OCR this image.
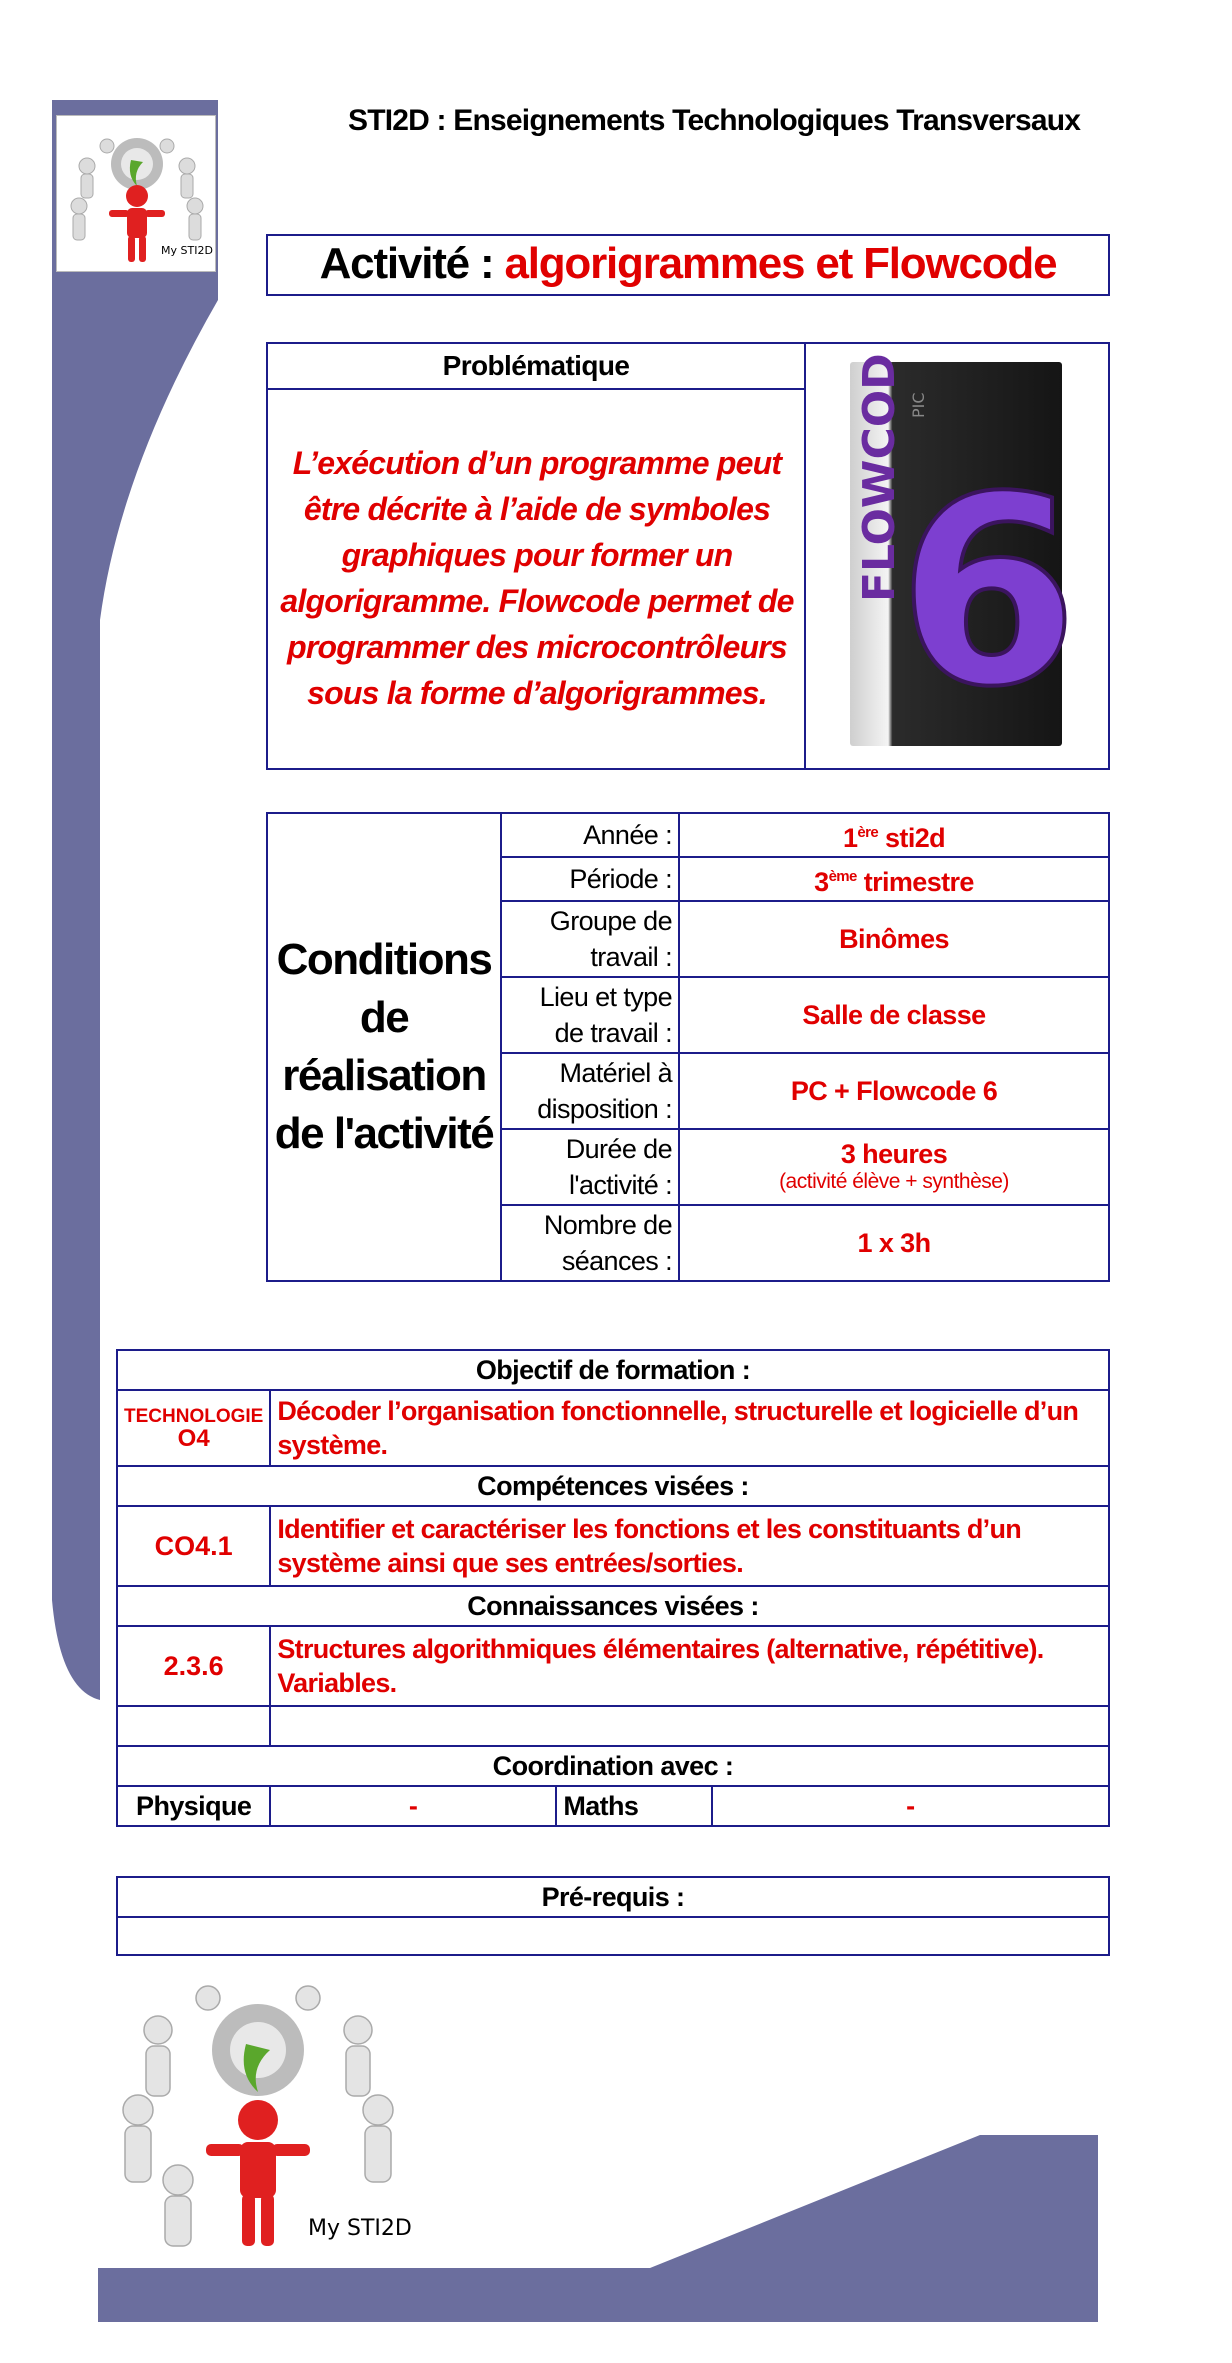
My STI2D
STI2D : Enseignements Technologiques Transversaux
Activité : algorigrammes et Flowcode
Problématique
L’exécution d’un programme peut être décrite à l’aide de symboles graphiques pour former un algorigramme. Flowcode permet de programmer des microcontrôleurs sous la forme d’algorigrammes.
FLOWCODE
6
PIC
Conditions de réalisation de l'activité	Année :	1ère sti2d
	Période :	3ème trimestre
	Groupe de travail :	Binômes
	Lieu et type de travail :	Salle de classe
	Matériel à disposition :	PC + Flowcode 6
	Durée de l'activité :	3 heures
(activité élève + synthèse)

	Nombre de séances :	1 x 3h
Objectif de formation :			

TECHNOLOGIE
O4	Décoder l’organisation fonctionnelle, structurelle et logicielle d’un système.		
Compétences visées :			
CO4.1	Identifier et caractériser les fonctions et les constituants d’un système ainsi que ses entrées/sorties.		
Connaissances visées :			
2.3.6	Structures algorithmiques élémentaires (alternative, répétitive). Variables.		

Coordination avec :			
Physique	-	Maths	-
Pré-requis :

My STI2D
